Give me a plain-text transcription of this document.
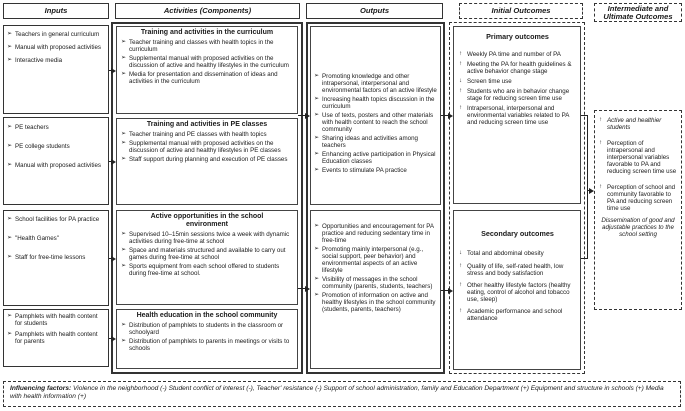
Inputs	Activities (Components)	Outputs	Initial Outcomes	Intermediate and Ultimate Outcomes
➢ Teachers in general curriculum
➢ Manual with proposed activities
➢ Interactive media
➢ PE teachers
➢ PE college students
➢ Manual with proposed activities
➢ School facilities for PA practice
➢ "Health Games"
➢ Staff for free-time lessons
➢ Pamphlets with health content for students
➢ Pamphlets with health content for parents
Training and activities in the curriculum
➢ Teacher training and classes with health topics in the curriculum
➢ Supplemental manual with proposed activities on the discussion of active and healthy lifestyles in the curriculum
➢ Media for presentation and dissemination of ideas and activities in the curriculum
Training and activities in PE classes
➢ Teacher training and PE classes with health topics
➢ Supplemental manual with proposed activities on the discussion of active and healthy lifestyles in PE classes
➢ Staff support during planning and execution of PE classes
Active opportunities in the school environment
➢ Supervised 10–15min sessions twice a week with dynamic activities during free-time at school
➢ Space and materials structured and available to carry out games during free-time at school
➢ Sports equipment from each school offered to students during free-time at school.
Health education in the school community
➢ Distribution of pamphlets to students in the classroom or schoolyard
➢ Distribution of pamphlets to parents in meetings or visits to schools
➢ Promoting knowledge and other intrapersonal, interpersonal and environmental factors of an active lifestyle
➢ Increasing health topics discussion in the curriculum
➢ Use of texts, posters and other materials with health content to reach the school community
➢ Sharing ideas and activities among teachers
➢ Enhancing active participation in Physical Education classes
➢ Events to stimulate PA practice
➢ Opportunities and encouragement for PA practice and reducing sedentary time in free-time
➢ Promoting mainly interpersonal (e.g., social support, peer behavior) and environmental aspects of an active lifestyle
➢ Visibility of messages in the school community (parents, students, teachers)
➢ Promotion of information on active and healthy lifestyles in the school community (students, parents, teachers)
Primary outcomes
↑ Weekly PA time and number of PA
↑ Meeting the PA for health guidelines & active behavior change stage
↓ Screen time use
↑ Students who are in behavior change stage for reducing screen time use
↑ Intrapersonal, interpersonal and environmental variables related to PA and reducing screen time use
Secondary outcomes
↓ Total and abdominal obesity
↑ Quality of life, self-rated health, low stress and body satisfaction
↑ Other healthy lifestyle factors (healthy eating, control of alcohol and tobacco use, sleep)
↑ Academic performance and school attendance
↑ Active and healthier students
↑ Perception of intrapersonal and interpersonal variables favorable to PA and reducing screen time use
↑ Perception of school and community favorable to PA and reducing screen time use
Dissemination of good and adjustable practices to the school setting
Influencing factors: Violence in the neighborhood (-) Student conflict of interest (-), Teacher' resistance (-) Support of school administration, family and Education Department (+) Equipment and structure in schools (+) Media with health information (+)
